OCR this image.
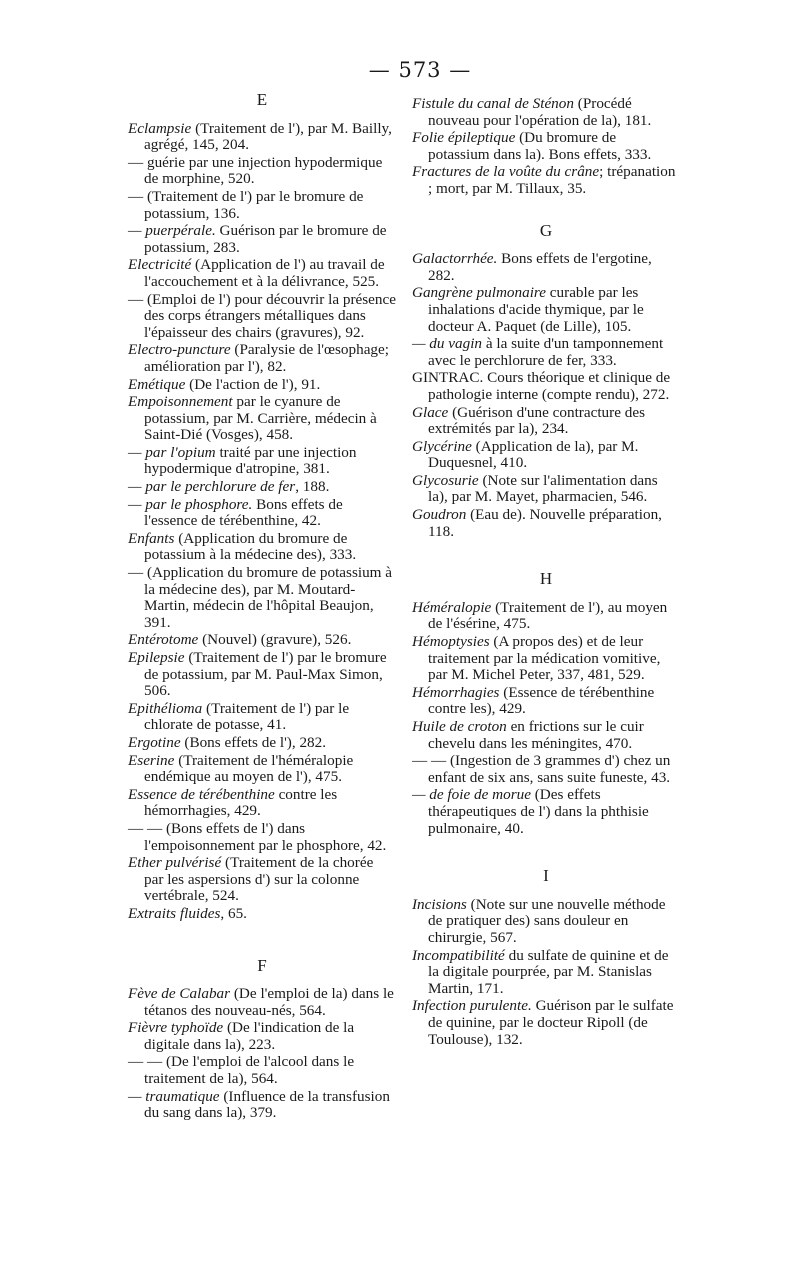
— 573 —
E
Eclampsie (Traitement de l'), par M. Bailly, agrégé, 145, 204.
— guérie par une injection hypodermique de morphine, 520.
— (Traitement de l') par le bromure de potassium, 136.
— puerpérale. Guérison par le bromure de potassium, 283.
Electricité (Application de l') au travail de l'accouchement et à la délivrance, 525.
— (Emploi de l') pour découvrir la présence des corps étrangers métalliques dans l'épaisseur des chairs (gravures), 92.
Electro-puncture (Paralysie de l'œsophage; amélioration par l'), 82.
Emétique (De l'action de l'), 91.
Empoisonnement par le cyanure de potassium, par M. Carrière, médecin à Saint-Dié (Vosges), 458.
— par l'opium traité par une injection hypodermique d'atropine, 381.
— par le perchlorure de fer, 188.
— par le phosphore. Bons effets de l'essence de térébenthine, 42.
Enfants (Application du bromure de potassium à la médecine des), 333.
— (Application du bromure de potassium à la médecine des), par M. Moutard-Martin, médecin de l'hôpital Beaujon, 391.
Entérotome (Nouvel) (gravure), 526.
Epilepsie (Traitement de l') par le bromure de potassium, par M. Paul-Max Simon, 506.
Epithélioma (Traitement de l') par le chlorate de potasse, 41.
Ergotine (Bons effets de l'), 282.
Eserine (Traitement de l'héméralopie endémique au moyen de l'), 475.
Essence de térébenthine contre les hémorrhagies, 429.
— — (Bons effets de l') dans l'empoisonnement par le phosphore, 42.
Ether pulvérisé (Traitement de la chorée par les aspersions d') sur la colonne vertébrale, 524.
Extraits fluides, 65.
F
Fève de Calabar (De l'emploi de la) dans le tétanos des nouveau-nés, 564.
Fièvre typhoïde (De l'indication de la digitale dans la), 223.
— — (De l'emploi de l'alcool dans le traitement de la), 564.
— traumatique (Influence de la transfusion du sang dans la), 379.
Fistule du canal de Sténon (Procédé nouveau pour l'opération de la), 181.
Folie épileptique (Du bromure de potassium dans la). Bons effets, 333.
Fractures de la voûte du crâne; trépanation ; mort, par M. Tillaux, 35.
G
Galactorrhée. Bons effets de l'ergotine, 282.
Gangrène pulmonaire curable par les inhalations d'acide thymique, par le docteur A. Paquet (de Lille), 105.
— du vagin à la suite d'un tamponnement avec le perchlorure de fer, 333.
GINTRAC. Cours théorique et clinique de pathologie interne (compte rendu), 272.
Glace (Guérison d'une contracture des extrémités par la), 234.
Glycérine (Application de la), par M. Duquesnel, 410.
Glycosurie (Note sur l'alimentation dans la), par M. Mayet, pharmacien, 546.
Goudron (Eau de). Nouvelle préparation, 118.
H
Héméralopie (Traitement de l'), au moyen de l'ésérine, 475.
Hémoptysies (A propos des) et de leur traitement par la médication vomitive, par M. Michel Peter, 337, 481, 529.
Hémorrhagies (Essence de térébenthine contre les), 429.
Huile de croton en frictions sur le cuir chevelu dans les méningites, 470.
— — (Ingestion de 3 grammes d') chez un enfant de six ans, sans suite funeste, 43.
— de foie de morue (Des effets thérapeutiques de l') dans la phthisie pulmonaire, 40.
I
Incisions (Note sur une nouvelle méthode de pratiquer des) sans douleur en chirurgie, 567.
Incompatibilité du sulfate de quinine et de la digitale pourprée, par M. Stanislas Martin, 171.
Infection purulente. Guérison par le sulfate de quinine, par le docteur Ripoll (de Toulouse), 132.
